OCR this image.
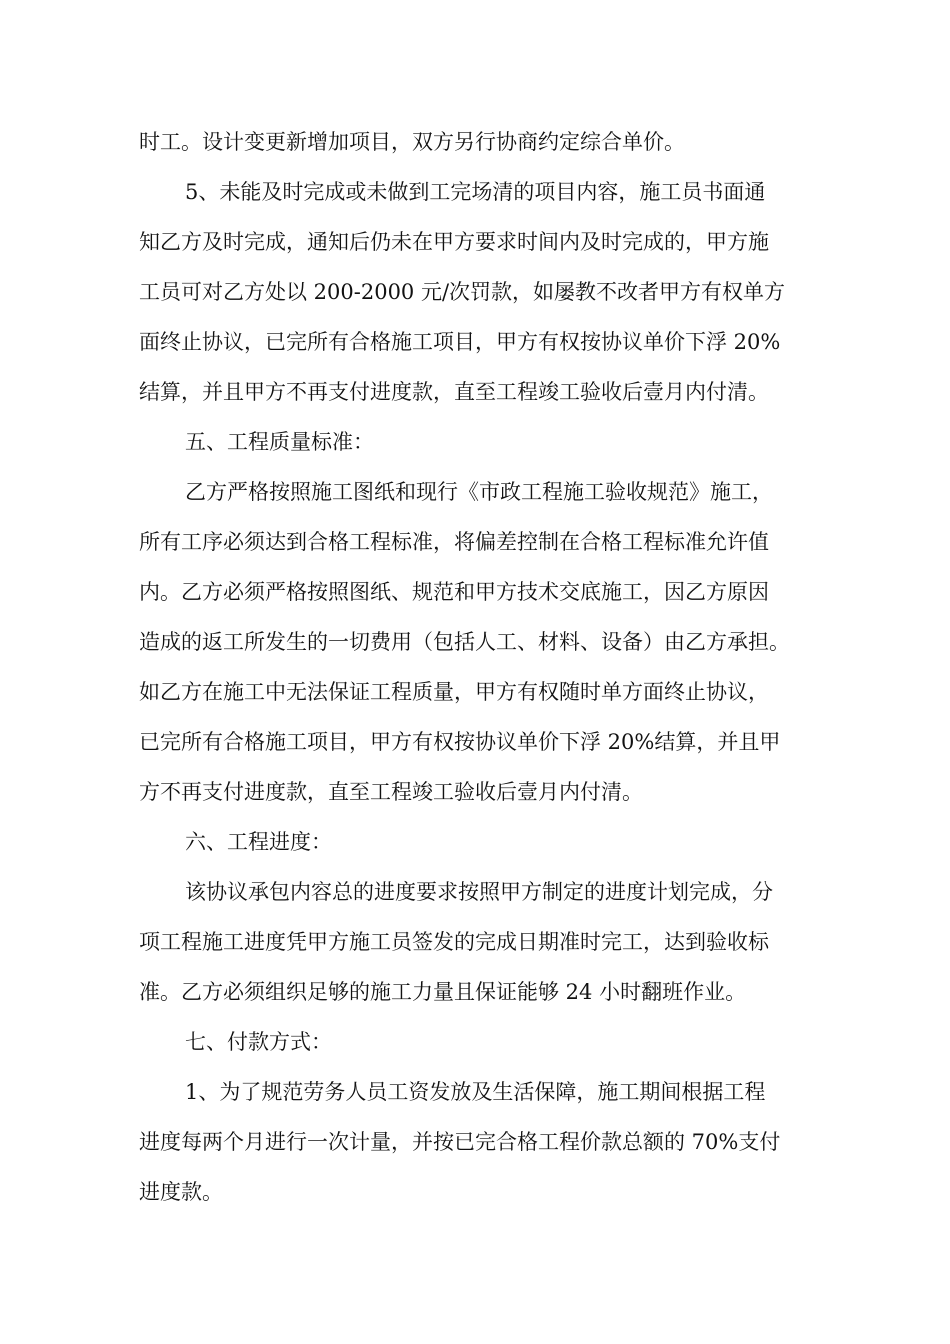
时工。设计变更新增加项目，双方另行协商约定综合单价。
5、未能及时完成或未做到工完场清的项目内容，施工员书面通
知乙方及时完成，通知后仍未在甲方要求时间内及时完成的，甲方施
工员可对乙方处以 200-2000 元/次罚款，如屡教不改者甲方有权单方
面终止协议，已完所有合格施工项目，甲方有权按协议单价下浮 20%
结算，并且甲方不再支付进度款，直至工程竣工验收后壹月内付清。
五、工程质量标准：
乙方严格按照施工图纸和现行《市政工程施工验收规范》施工，
所有工序必须达到合格工程标准，将偏差控制在合格工程标准允许值
内。乙方必须严格按照图纸、规范和甲方技术交底施工，因乙方原因
造成的返工所发生的一切费用（包括人工、材料、设备）由乙方承担。
如乙方在施工中无法保证工程质量，甲方有权随时单方面终止协议，
已完所有合格施工项目，甲方有权按协议单价下浮 20%结算，并且甲
方不再支付进度款，直至工程竣工验收后壹月内付清。
六、工程进度：
该协议承包内容总的进度要求按照甲方制定的进度计划完成，分
项工程施工进度凭甲方施工员签发的完成日期准时完工，达到验收标
准。乙方必须组织足够的施工力量且保证能够 24 小时翻班作业。
七、付款方式：
1、为了规范劳务人员工资发放及生活保障，施工期间根据工程
进度每两个月进行一次计量，并按已完合格工程价款总额的 70%支付
进度款。
